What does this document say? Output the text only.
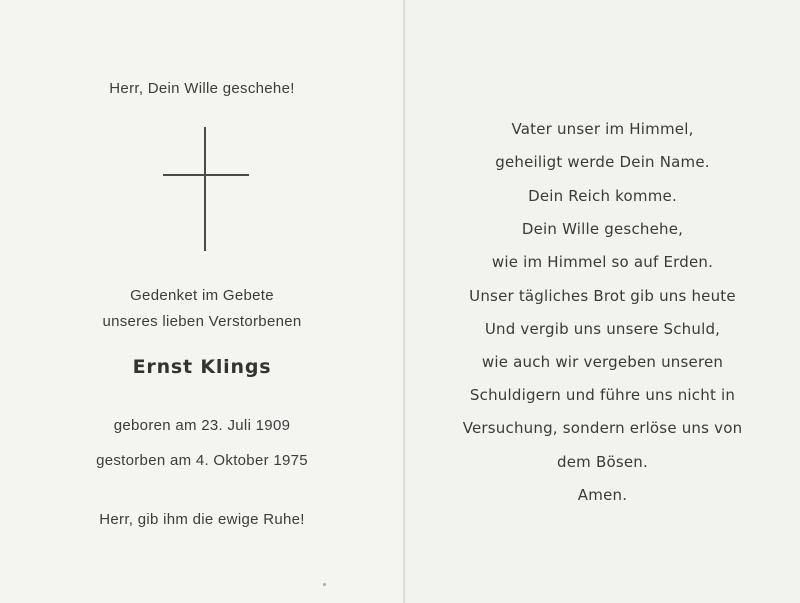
Herr, Dein Wille geschehe!
Gedenket im Gebete
unseres lieben Verstorbenen
Ernst Klings
geboren am 23. Juli 1909
gestorben am 4. Oktober 1975
Herr, gib ihm die ewige Ruhe!
Vater unser im Himmel,
geheiligt werde Dein Name.
Dein Reich komme.
Dein Wille geschehe,
wie im Himmel so auf Erden.
Unser tägliches Brot gib uns heute
Und vergib uns unsere Schuld,
wie auch wir vergeben unseren
Schuldigern und führe uns nicht in
Versuchung, sondern erlöse uns von
dem Bösen.
Amen.
